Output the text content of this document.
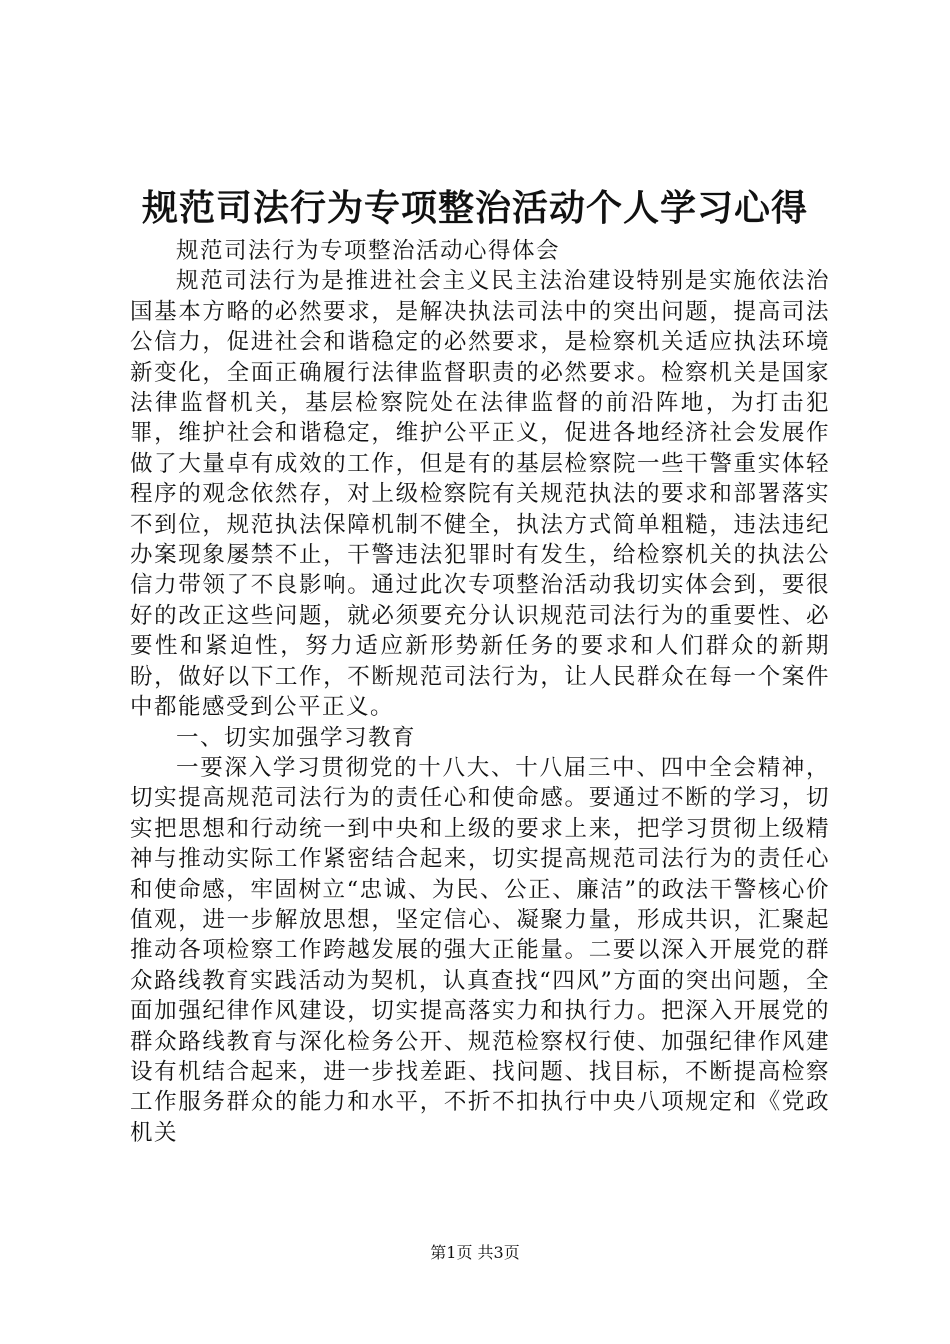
规范司法行为专项整治活动个人学习心得

规范司法行为专项整治活动心得体会

规范司法行为是推进社会主义民主法治建设特别是实施依法治国基本方略的必然要求，是解决执法司法中的突出问题，提高司法公信力，促进社会和谐稳定的必然要求，是检察机关适应执法环境新变化，全面正确履行法律监督职责的必然要求。检察机关是国家法律监督机关，基层检察院处在法律监督的前沿阵地，为打击犯罪，维护社会和谐稳定，维护公平正义，促进各地经济社会发展作做了大量卓有成效的工作，但是有的基层检察院一些干警重实体轻程序的观念依然存，对上级检察院有关规范执法的要求和部署落实不到位，规范执法保障机制不健全，执法方式简单粗糙，违法违纪办案现象屡禁不止，干警违法犯罪时有发生，给检察机关的执法公信力带领了不良影响。通过此次专项整治活动我切实体会到，要很好的改正这些问题，就必须要充分认识规范司法行为的重要性、必要性和紧迫性，努力适应新形势新任务的要求和人们群众的新期盼，做好以下工作，不断规范司法行为，让人民群众在每一个案件中都能感受到公平正义。

一、切实加强学习教育

一要深入学习贯彻党的十八大、十八届三中、四中全会精神，切实提高规范司法行为的责任心和使命感。要通过不断的学习，切实把思想和行动统一到中央和上级的要求上来，把学习贯彻上级精神与推动实际工作紧密结合起来，切实提高规范司法行为的责任心和使命感，牢固树立“忠诚、为民、公正、廉洁”的政法干警核心价值观，进一步解放思想，坚定信心、凝聚力量，形成共识，汇聚起推动各项检察工作跨越发展的强大正能量。二要以深入开展党的群众路线教育实践活动为契机，认真查找“四风”方面的突出问题，全面加强纪律作风建设，切实提高落实力和执行力。把深入开展党的群众路线教育与深化检务公开、规范检察权行使、加强纪律作风建设有机结合起来，进一步找差距、找问题、找目标，不断提高检察工作服务群众的能力和水平，不折不扣执行中央八项规定和《党政机关

第1页 共3页
